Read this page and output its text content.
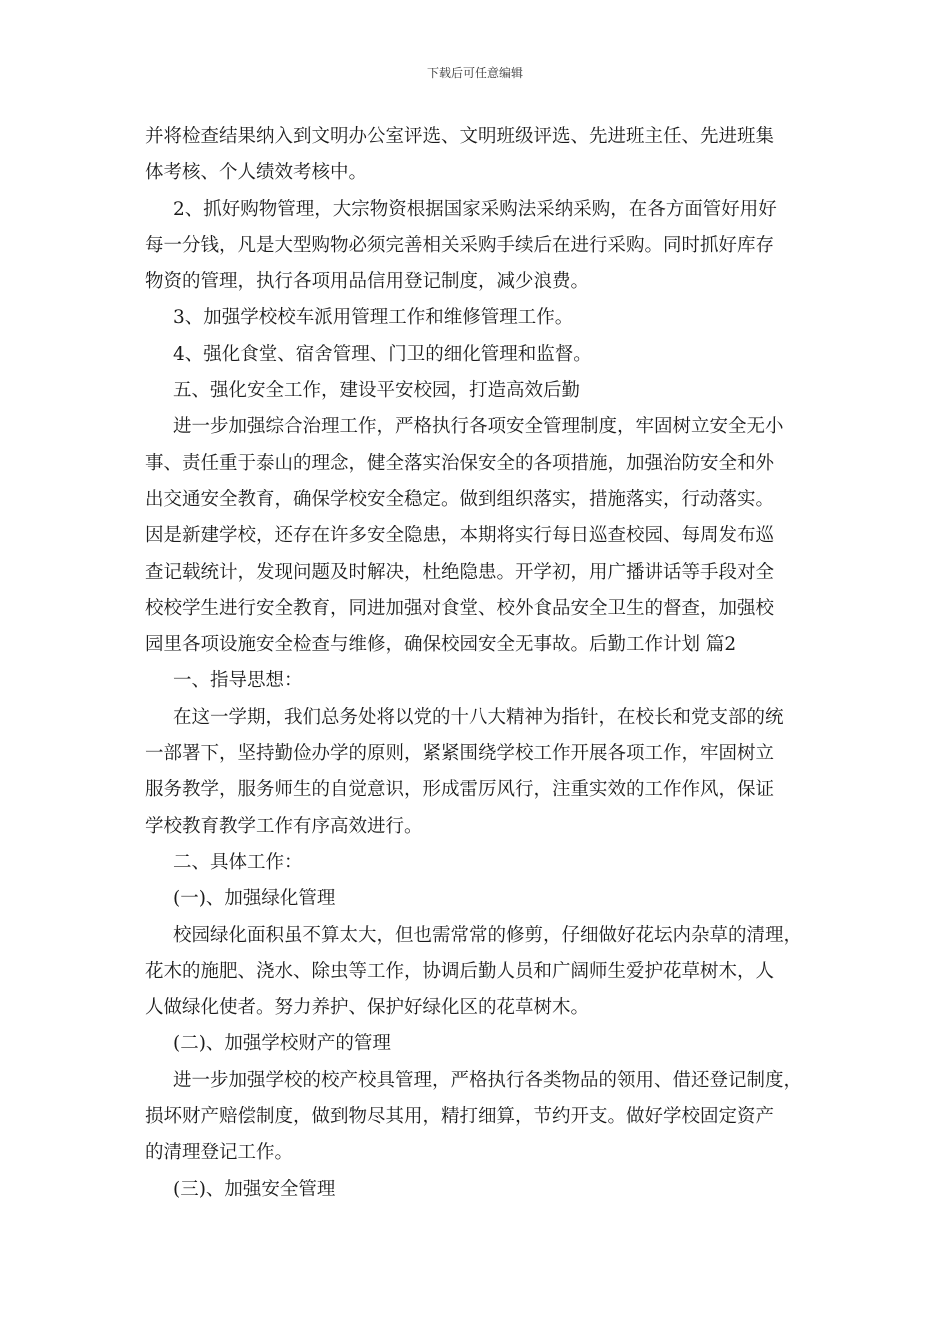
下载后可任意编辑
并将检查结果纳入到文明办公室评选、文明班级评选、先进班主任、先进班集
体考核、个人绩效考核中。
2、抓好购物管理，大宗物资根据国家采购法采纳采购，在各方面管好用好
每一分钱，凡是大型购物必须完善相关采购手续后在进行采购。同时抓好库存
物资的管理，执行各项用品信用登记制度，减少浪费。
3、加强学校校车派用管理工作和维修管理工作。
4、强化食堂、宿舍管理、门卫的细化管理和监督。
五、强化安全工作，建设平安校园，打造高效后勤
进一步加强综合治理工作，严格执行各项安全管理制度，牢固树立安全无小
事、责任重于泰山的理念，健全落实治保安全的各项措施，加强治防安全和外
出交通安全教育，确保学校安全稳定。做到组织落实，措施落实，行动落实。
因是新建学校，还存在许多安全隐患，本期将实行每日巡查校园、每周发布巡
查记载统计，发现问题及时解决，杜绝隐患。开学初，用广播讲话等手段对全
校校学生进行安全教育，同进加强对食堂、校外食品安全卫生的督查，加强校
园里各项设施安全检查与维修，确保校园安全无事故。后勤工作计划 篇2
一、指导思想：
在这一学期，我们总务处将以党的十八大精神为指针，在校长和党支部的统
一部署下，坚持勤俭办学的原则，紧紧围绕学校工作开展各项工作，牢固树立
服务教学，服务师生的自觉意识，形成雷厉风行，注重实效的工作作风，保证
学校教育教学工作有序高效进行。
二、具体工作：
(一)、加强绿化管理
校园绿化面积虽不算太大，但也需常常的修剪，仔细做好花坛内杂草的清理，
花木的施肥、浇水、除虫等工作，协调后勤人员和广阔师生爱护花草树木，人
人做绿化使者。努力养护、保护好绿化区的花草树木。
(二)、加强学校财产的管理
进一步加强学校的校产校具管理，严格执行各类物品的领用、借还登记制度，
损坏财产赔偿制度，做到物尽其用，精打细算，节约开支。做好学校固定资产
的清理登记工作。
(三)、加强安全管理
